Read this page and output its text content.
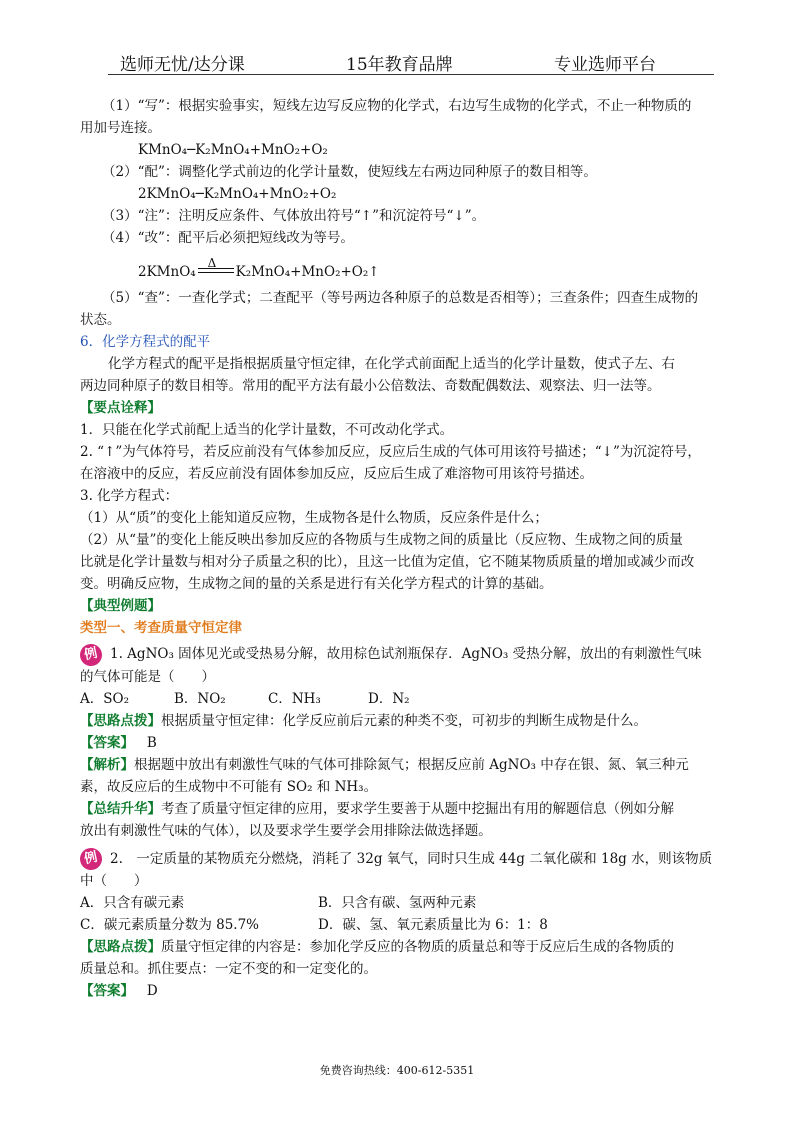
选师无忧/达分课	15年教育品牌	专业选师平台

（1）“写”：根据实验事实，短线左边写反应物的化学式，右边写生成物的化学式，不止一种物质的

用加号连接。

KMnO₄─K₂MnO₄+MnO₂+O₂

（2）“配”：调整化学式前边的化学计量数，使短线左右两边同种原子的数目相等。

2KMnO₄─K₂MnO₄+MnO₂+O₂

（3）“注”：注明反应条件、气体放出符号“↑”和沉淀符号“↓”。

（4）“改”：配平后必须把短线改为等号。

2KMnO₄
Δ
K₂MnO₄+MnO₂+O₂↑

（5）“查”：一查化学式；二查配平（等号两边各种原子的总数是否相等）；三查条件；四查生成物的

状态。

6．化学方程式的配平

化学方程式的配平是指根据质量守恒定律，在化学式前面配上适当的化学计量数，使式子左、右

两边同种原子的数目相等。常用的配平方法有最小公倍数法、奇数配偶数法、观察法、归一法等。

【要点诠释】

1．只能在化学式前配上适当的化学计量数，不可改动化学式。

2. “↑”为气体符号，若反应前没有气体参加反应，反应后生成的气体可用该符号描述；“↓”为沉淀符号，

在溶液中的反应，若反应前没有固体参加反应，反应后生成了难溶物可用该符号描述。

3. 化学方程式：

（1）从“质”的变化上能知道反应物，生成物各是什么物质，反应条件是什么；

（2）从“量”的变化上能反映出参加反应的各物质与生成物之间的质量比（反应物、生成物之间的质量

比就是化学计量数与相对分子质量之积的比），且这一比值为定值，它不随某物质质量的增加或减少而改

变。明确反应物，生成物之间的量的关系是进行有关化学方程式的计算的基础。

【典型例题】

类型一、考查质量守恒定律

例 1. AgNO₃ 固体见光或受热易分解，故用棕色试剂瓶保存．AgNO₃ 受热分解，放出的有刺激性气味

的气体可能是（　　）

A．SO₂	B．NO₂	C．NH₃	D．N₂

【思路点拨】根据质量守恒定律：化学反应前后元素的种类不变，可初步的判断生成物是什么。

【答案】 B

【解析】根据题中放出有刺激性气味的气体可排除氮气；根据反应前 AgNO₃ 中存在银、氮、氧三种元

素，故反应后的生成物中不可能有 SO₂ 和 NH₃。

【总结升华】考查了质量守恒定律的应用，要求学生要善于从题中挖掘出有用的解题信息（例如分解

放出有刺激性气味的气体），以及要求学生要学会用排除法做选择题。

例 2.　一定质量的某物质充分燃烧，消耗了 32g 氧气，同时只生成 44g 二氧化碳和 18g 水，则该物质

中（　　）

A．只含有碳元素	B．只含有碳、氢两种元素

C．碳元素质量分数为 85.7%	D．碳、氢、氧元素质量比为 6：1：8

【思路点拨】质量守恒定律的内容是：参加化学反应的各物质的质量总和等于反应后生成的各物质的

质量总和。抓住要点：一定不变的和一定变化的。

【答案】 D

免费咨询热线：400-612-5351
